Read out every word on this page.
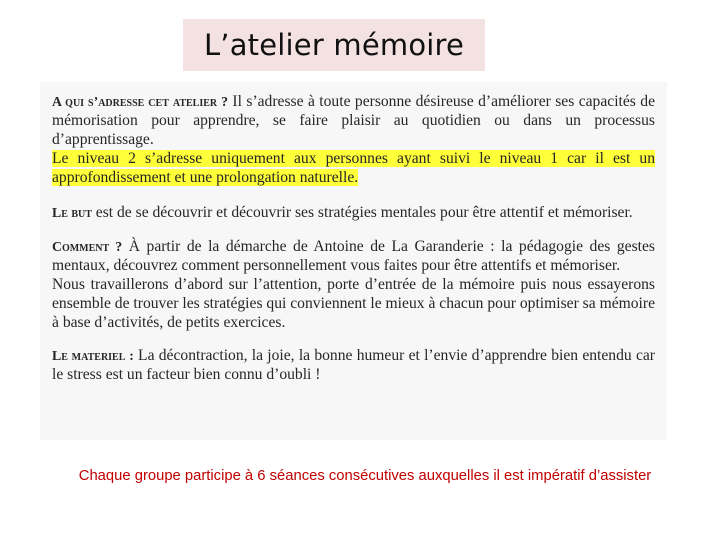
L’atelier mémoire

A qui s’adresse cet atelier ? Il s’adresse à toute personne désireuse d’améliorer ses capacités de mémorisation pour apprendre, se faire plaisir au quotidien ou dans un processus d’apprentissage.

Le niveau 2 s’adresse uniquement aux personnes ayant suivi le niveau 1 car il est un approfondissement et une prolongation naturelle.

Le but est de se découvrir et découvrir ses stratégies mentales pour être attentif et mémoriser.

Comment ? À partir de la démarche de Antoine de La Garanderie : la pédagogie des gestes mentaux, découvrez comment personnellement vous faites pour être attentifs et mémoriser.

Nous travaillerons d’abord sur l’attention, porte d’entrée de la mémoire puis nous essayerons ensemble de trouver les stratégies qui conviennent le mieux à chacun pour optimiser sa mémoire à base d’activités, de petits exercices.

Le materiel : La décontraction, la joie, la bonne humeur et l’envie d’apprendre bien entendu car le stress est un facteur bien connu d’oubli !

Chaque groupe participe à 6 séances consécutives auxquelles il est impératif d’assister
